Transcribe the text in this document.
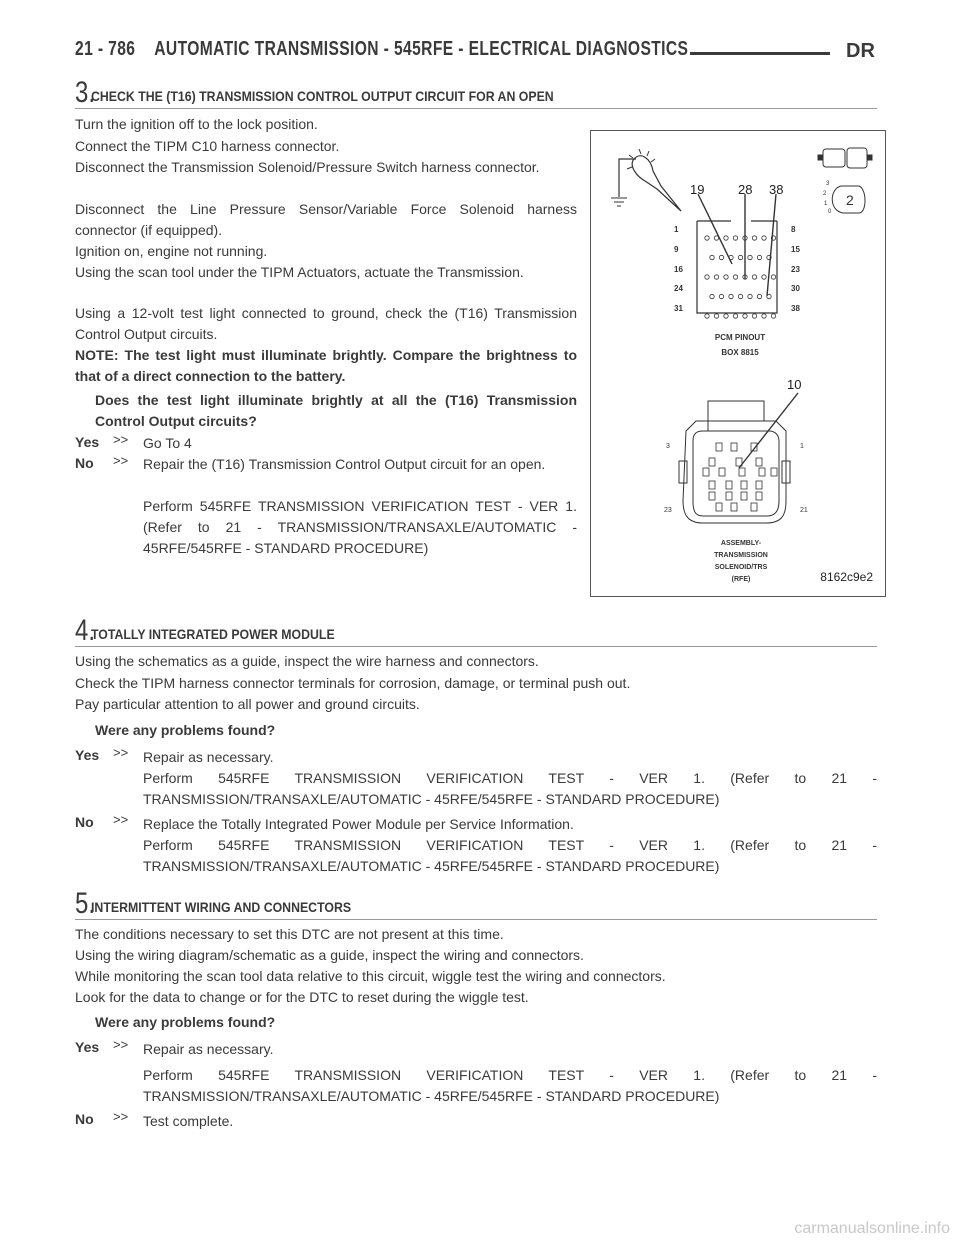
21 - 786 AUTOMATIC TRANSMISSION - 545RFE - ELECTRICAL DIAGNOSTICS	DR
3.
CHECK THE (T16) TRANSMISSION CONTROL OUTPUT CIRCUIT FOR AN OPEN
Turn the ignition off to the lock position.
Connect the TIPM C10 harness connector.
Disconnect the Transmission Solenoid/Pressure Switch harness connector.
Disconnect the Line Pressure Sensor/Variable Force Solenoid harness connector (if equipped).
Ignition on, engine not running.
Using the scan tool under the TIPM Actuators, actuate the Transmission.
Using a 12-volt test light connected to ground, check the (T16) Transmission Control Output circuits.
NOTE: The test light must illuminate brightly. Compare the brightness to that of a direct connection to the battery.
Does the test light illuminate brightly at all the (T16) Transmission Control Output circuits?
Yes >> Go To 4
No >> Repair the (T16) Transmission Control Output circuit for an open.
Perform 545RFE TRANSMISSION VERIFICATION TEST - VER 1. (Refer to 21 - TRANSMISSION/TRANSAXLE/AUTOMATIC - 45RFE/545RFE - STANDARD PROCEDURE)
3
2
1
0
2
19	28 38
1
9
16
24
31
8
15
23
30
38
PCM PINOUT
BOX 8815
10
3
23
1
21
ASSEMBLY-
TRANSMISSION
SOLENOID/TRS
(RFE)	8162c9e2
4.
TOTALLY INTEGRATED POWER MODULE
Using the schematics as a guide, inspect the wire harness and connectors.
Check the TIPM harness connector terminals for corrosion, damage, or terminal push out.
Pay particular attention to all power and ground circuits.
Were any problems found?
Yes >> Repair as necessary.
Perform 545RFE TRANSMISSION VERIFICATION TEST - VER 1. (Refer to 21 - TRANSMISSION/TRANSAXLE/AUTOMATIC - 45RFE/545RFE - STANDARD PROCEDURE)
No >> Replace the Totally Integrated Power Module per Service Information.
Perform 545RFE TRANSMISSION VERIFICATION TEST - VER 1. (Refer to 21 - TRANSMISSION/TRANSAXLE/AUTOMATIC - 45RFE/545RFE - STANDARD PROCEDURE)
5.
INTERMITTENT WIRING AND CONNECTORS
The conditions necessary to set this DTC are not present at this time.
Using the wiring diagram/schematic as a guide, inspect the wiring and connectors.
While monitoring the scan tool data relative to this circuit, wiggle test the wiring and connectors.
Look for the data to change or for the DTC to reset during the wiggle test.
Were any problems found?
Yes >> Repair as necessary.
Perform 545RFE TRANSMISSION VERIFICATION TEST - VER 1. (Refer to 21 - TRANSMISSION/TRANSAXLE/AUTOMATIC - 45RFE/545RFE - STANDARD PROCEDURE)
No >> Test complete.
carmanualsonline.info
